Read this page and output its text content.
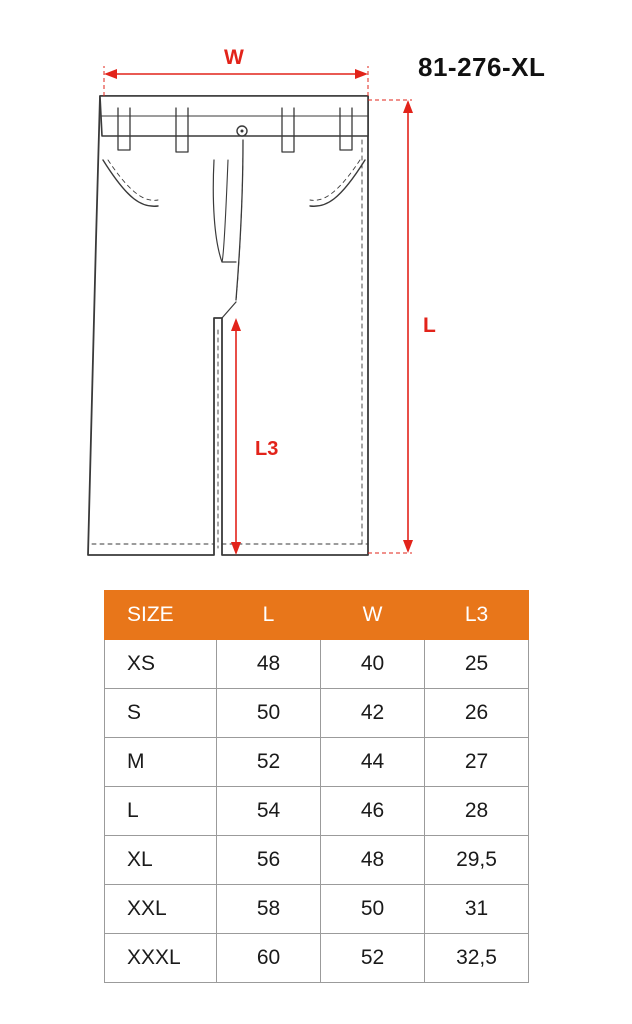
81-276-XL
W
L
L3
SIZE	L	W	L3
XS	48	40	25
S	50	42	26
M	52	44	27
L	54	46	28
XL	56	48	29,5
XXL	58	50	31
XXXL	60	52	32,5
